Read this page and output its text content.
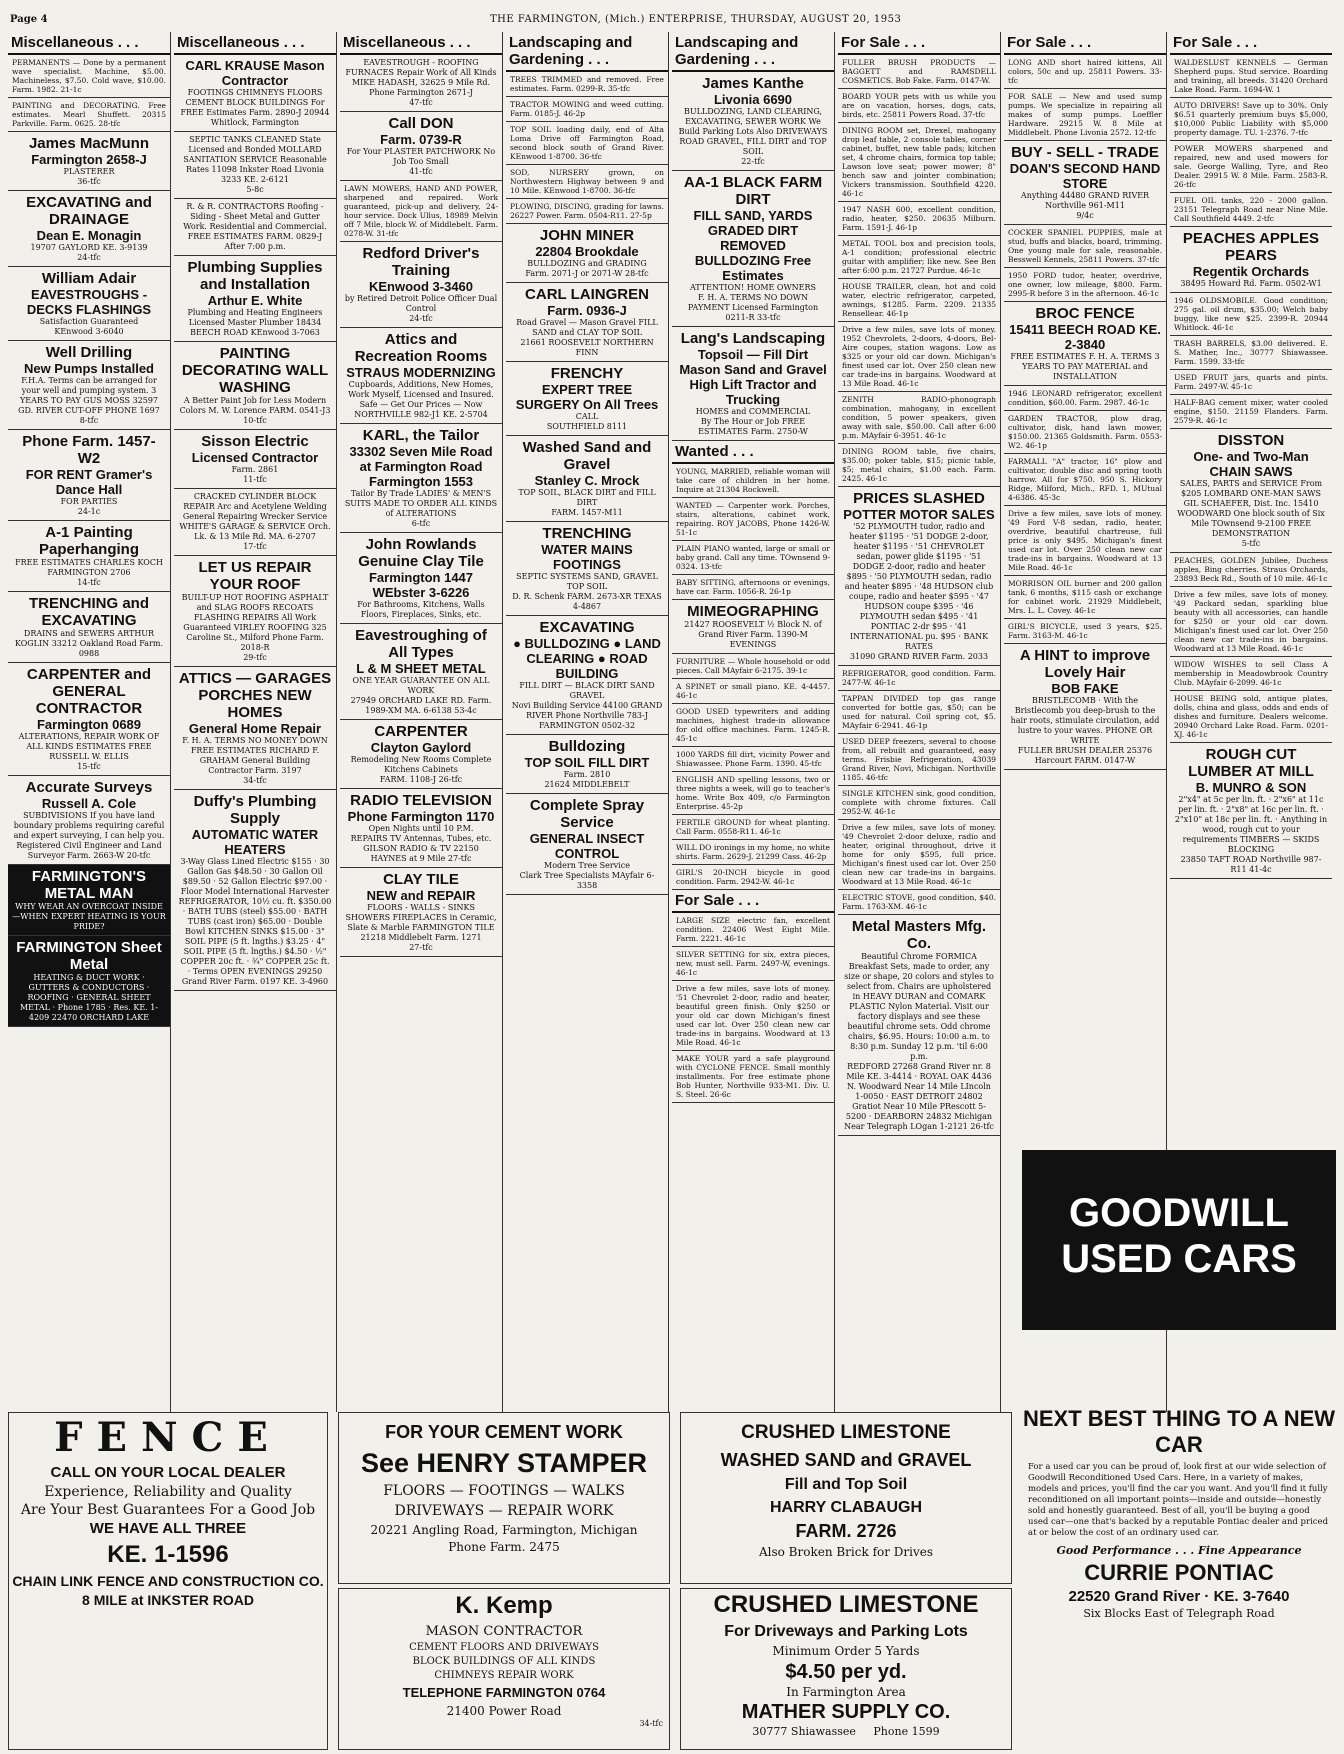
Page 4	THE FARMINGTON, (Mich.) ENTERPRISE, THURSDAY, AUGUST 20, 1953
Miscellaneous . . .
PERMANENTS — Done by a permanent wave specialist. Machine, $5.00. Machineless, $7.50. Cold wave, $10.00. Farm. 1982. 21-1c
PAINTING and DECORATING. Free estimates. Mearl Shuffett. 20315 Parkville. Farm. 0625. 28-tfc
James MacMunn
Farmington 2658-J
PLASTERER
36-tfc
EXCAVATING and DRAINAGE
Dean E. Monagin
19707 GAYLORD KE. 3-9139
24-tfc
William Adair
EAVESTROUGHS - DECKS FLASHINGS
Satisfaction Guaranteed
KEnwood 3-6040
Well Drilling
New Pumps Installed
F.H.A. Terms can be arranged for your well and pumping system. 3 YEARS TO PAY GUS MOSS 32597 GD. RIVER CUT-OFF PHONE 1697
8-tfc
Phone Farm. 1457-W2
FOR RENT Gramer's Dance Hall
FOR PARTIES
24-1c
A-1 Painting Paperhanging
FREE ESTIMATES CHARLES KOCH FARMINGTON 2706
14-tfc
TRENCHING and EXCAVATING
DRAINS and SEWERS ARTHUR KOGLIN 33212 Oakland Road Farm. 0988
CARPENTER and GENERAL CONTRACTOR
Farmington 0689
ALTERATIONS, REPAIR WORK OF ALL KINDS ESTIMATES FREE RUSSELL W. ELLIS
15-tfc
Accurate Surveys
Russell A. Cole
SUBDIVISIONS If you have land boundary problems requiring careful and expert surveying, I can help you.
Registered Civil Engineer and Land Surveyor Farm. 2663-W 20-tfc
FARMINGTON'S METAL MAN
WHY WEAR AN OVERCOAT INSIDE—WHEN EXPERT HEATING IS YOUR PRIDE?
FARMINGTON Sheet Metal
HEATING & DUCT WORK · GUTTERS & CONDUCTORS · ROOFING · GENERAL SHEET METAL · Phone 1785 · Res. KE. 1-4209 22470 ORCHARD LAKE
Miscellaneous . . .
CARL KRAUSE Mason Contractor
FOOTINGS CHIMNEYS FLOORS CEMENT BLOCK BUILDINGS For FREE Estimates Farm. 2890-J 20944 Whitlock, Farmington
SEPTIC TANKS CLEANED State Licensed and Bonded MOLLARD SANITATION SERVICE Reasonable Rates 11098 Inkster Road Livonia 3233 KE. 2-6121
5-8c
R. & R. CONTRACTORS Roofing - Siding - Sheet Metal and Gutter Work. Residential and Commercial. FREE ESTIMATES FARM. 0829-J After 7:00 p.m.
Plumbing Supplies and Installation
Arthur E. White
Plumbing and Heating Engineers
Licensed Master Plumber 18434 BEECH ROAD KEnwood 3-7063
PAINTING DECORATING WALL WASHING
A Better Paint Job for Less Modern Colors M. W. Lorence FARM. 0541-J3
10-tfc
Sisson Electric
Licensed Contractor
Farm. 2861
11-tfc
CRACKED CYLINDER BLOCK REPAIR Arc and Acetylene Welding General Repairing Wrecker Service WHITE'S GARAGE & SERVICE Orch. Lk. & 13 Mile Rd. MA. 6-2707
17-tfc
LET US REPAIR YOUR ROOF
BUILT-UP HOT ROOFING ASPHALT and SLAG ROOFS RECOATS FLASHING REPAIRS All Work Guaranteed VIRLEY ROOFING 325 Caroline St., Milford Phone Farm. 2018-R
29-tfc
ATTICS — GARAGES PORCHES NEW HOMES
General Home Repair
F. H. A. TERMS NO MONEY DOWN FREE ESTIMATES RICHARD F. GRAHAM General Building Contractor Farm. 3197
34-tfc
Duffy's Plumbing Supply
AUTOMATIC WATER HEATERS
3-Way Glass Lined Electric $155 · 30 Gallon Gas $48.50 · 30 Gallon Oil $89.50 · 52 Gallon Electric $97.00 · Floor Model International Harvester REFRIGERATOR, 10½ cu. ft. $350.00 · BATH TUBS (steel) $55.00 · BATH TUBS (cast iron) $65.00 · Double Bowl KITCHEN SINKS $15.00 · 3" SOIL PIPE (5 ft. lngths.) $3.25 · 4" SOIL PIPE (5 ft. lngths.) $4.50 · ½" COPPER 20c ft. · ¾" COPPER 25c ft. · Terms OPEN EVENINGS 29250 Grand River Farm. 0197 KE. 3-4960
Miscellaneous . . .
EAVESTROUGH - ROOFING FURNACES Repair Work of All Kinds MIKE HADASH, 32625 9 Mile Rd. Phone Farmington 2671-J
47-tfc
Call DON
Farm. 0739-R
For Your PLASTER PATCHWORK No Job Too Small
41-tfc
LAWN MOWERS, HAND AND POWER, sharpened and repaired. Work guaranteed, pick-up and delivery, 24-hour service. Dock Ullus, 18989 Melvin off 7 Mile, block W. of Middlebelt. Farm. 0278-W. 31-tfc
Redford Driver's Training
KEnwood 3-3460
by Retired Detroit Police Officer Dual Control
24-tfc
Attics and Recreation Rooms
STRAUS MODERNIZING
Cupboards, Additions, New Homes, Work Myself, Licensed and Insured. Safe — Get Our Prices — Now
NORTHVILLE 982-J1 KE. 2-5704
KARL, the Tailor
33302 Seven Mile Road at Farmington Road Farmington 1553
Tailor By Trade LADIES' & MEN'S SUITS MADE TO ORDER ALL KINDS of ALTERATIONS
6-tfc
John Rowlands Genuine Clay Tile
Farmington 1447 WEbster 3-6226
For Bathrooms, Kitchens, Walls Floors, Fireplaces, Sinks, etc.
Eavestroughing of All Types
L & M SHEET METAL
ONE YEAR GUARANTEE ON ALL WORK
27949 ORCHARD LAKE RD. Farm. 1989-XM MA. 6-6138 53-4c
CARPENTER
Clayton Gaylord
Remodeling New Rooms Complete Kitchens Cabinets
FARM. 1108-J 26-tfc
RADIO TELEVISION
Phone Farmington 1170
Open Nights until 10 P.M.
REPAIRS TV Antennas, Tubes, etc. GILSON RADIO & TV 22150 HAYNES at 9 Mile 27-tfc
CLAY TILE
NEW and REPAIR
FLOORS - WALLS - SINKS SHOWERS FIREPLACES in Ceramic, Slate & Marble FARMINGTON TILE 21218 Middlebelt Farm. 1271
27-tfc
Landscaping and Gardening . . .
TREES TRIMMED and removed. Free estimates. Farm. 0299-R. 35-tfc
TRACTOR MOWING and weed cutting. Farm. 0185-J. 46-2p
TOP SOIL loading daily, end of Alta Loma Drive off Farmington Road, second block south of Grand River. KEnwood 1-8700. 36-tfc
SOD, NURSERY grown, on Northwestern Highway between 9 and 10 Mile. KEnwood 1-8700. 36-tfc
PLOWING, DISCING, grading for lawns. 26227 Power. Farm. 0504-R11. 27-5p
JOHN MINER
22804 Brookdale
BULLDOZING and GRADING
Farm. 2071-J or 2071-W 28-tfc
CARL LAINGREN
Farm. 0936-J
Road Gravel — Mason Gravel FILL SAND and CLAY TOP SOIL
21661 ROOSEVELT NORTHERN FINN
FRENCHY
EXPERT TREE SURGERY On All Trees
CALL
SOUTHFIELD 8111
Washed Sand and Gravel
Stanley C. Mrock
TOP SOIL, BLACK DIRT and FILL DIRT
FARM. 1457-M11
TRENCHING
WATER MAINS FOOTINGS
SEPTIC SYSTEMS SAND, GRAVEL TOP SOIL
D. R. Schenk FARM. 2673-XR TEXAS 4-4867
EXCAVATING
● BULLDOZING ● LAND CLEARING ● ROAD BUILDING
FILL DIRT — BLACK DIRT SAND GRAVEL
Novi Building Service 44100 GRAND RIVER Phone Northville 783-J FARMINGTON 0502-32
Bulldozing
TOP SOIL FILL DIRT
Farm. 2810
21624 MIDDLEBELT
Complete Spray Service
GENERAL INSECT CONTROL
Modern Tree Service
Clark Tree Specialists MAyfair 6-3358
Landscaping and Gardening . . .
James Kanthe
Livonia 6690
BULLDOZING, LAND CLEARING, EXCAVATING, SEWER WORK We Build Parking Lots Also DRIVEWAYS ROAD GRAVEL, FILL DIRT and TOP SOIL
22-tfc
AA-1 BLACK FARM DIRT
FILL SAND, YARDS GRADED DIRT REMOVED BULLDOZING Free Estimates
ATTENTION! HOME OWNERS
F. H. A. TERMS NO DOWN PAYMENT Licensed Farmington 0211-R 33-tfc
Lang's Landscaping
Topsoil — Fill Dirt Mason Sand and Gravel High Lift Tractor and Trucking
HOMES and COMMERCIAL
By The Hour or Job FREE ESTIMATES Farm. 2750-W
Wanted . . .
YOUNG, MARRIED, reliable woman will take care of children in her home. Inquire at 21304 Rockwell.
WANTED — Carpenter work. Porches, stairs, alterations, cabinet work, repairing. ROY JACOBS, Phone 1426-W. 51-1c
PLAIN PIANO wanted, large or small or baby grand. Call any time. TOwnsend 9-0324. 13-tfc
BABY SITTING, afternoons or evenings, have car. Farm. 1056-R. 26-1p
MIMEOGRAPHING
21427 ROOSEVELT ½ Block N. of Grand River Farm. 1390-M EVENINGS
FURNITURE — Whole household or odd pieces. Call MAyfair 6-2175. 39-1c
A SPINET or small piano. KE. 4-4457. 46-1c
GOOD USED typewriters and adding machines, highest trade-in allowance for old office machines. Farm. 1245-R. 45-1c
1000 YARDS fill dirt, vicinity Power and Shiawassee. Phone Farm. 1390. 45-tfc
ENGLISH AND spelling lessons, two or three nights a week, will go to teacher's home. Write Box 409, c/o Farmington Enterprise. 45-2p
FERTILE GROUND for wheat planting. Call Farm. 0558-R11. 46-1c
WILL DO ironings in my home, no white shirts. Farm. 2629-J. 21299 Cass. 46-2p
GIRL'S 20-INCH bicycle in good condition. Farm. 2942-W. 46-1c
For Sale . . .
LARGE SIZE electric fan, excellent condition. 22406 West Eight Mile. Farm. 2221. 46-1c
SILVER SETTING for six, extra pieces, new, must sell. Farm. 2497-W, evenings. 46-1c
Drive a few miles, save lots of money. '51 Chevrolet 2-door, radio and heater, beautiful green finish. Only $250 or your old car down Michigan's finest used car lot. Over 250 clean new car trade-ins in bargains. Woodward at 13 Mile Road. 46-1c
MAKE YOUR yard a safe playground with CYCLONE FENCE. Small monthly installments. For free estimate phone Bob Hunter, Northville 933-M1. Div. U. S. Steel. 26-6c
For Sale . . .
FULLER BRUSH PRODUCTS — BAGGETT and RAMSDELL COSMETICS. Bob Fake. Farm. 0147-W.
BOARD YOUR pets with us while you are on vacation, horses, dogs, cats, birds, etc. 25811 Powers Road. 37-tfc
DINING ROOM set, Drexel, mahogany drop leaf table, 2 console tables, corner cabinet, buffet, new table pads; kitchen set, 4 chrome chairs, formica top table; Lawson love seat; power mower; 8" bench saw and jointer combination; Vickers transmission. Southfield 4220. 46-1c
1947 NASH 600, excellent condition, radio, heater, $250. 20635 Milburn. Farm. 1591-J. 46-1p
METAL TOOL box and precision tools, A-1 condition; professional electric guitar with amplifier; like new. See Ben after 6:00 p.m. 21727 Purdue. 46-1c
HOUSE TRAILER, clean, hot and cold water, electric refrigerator, carpeted, awnings, $1285. Farm. 2209. 21335 Rensellear. 46-1p
Drive a few miles, save lots of money. 1952 Chevrolets, 2-doors, 4-doors, Bel-Aire coupes, station wagons. Low as $325 or your old car down. Michigan's finest used car lot. Over 250 clean new car trade-ins in bargains. Woodward at 13 Mile Road. 46-1c
ZENITH RADIO-phonograph combination, mahogany, in excellent condition, 5 power speakers, given away with sale, $50.00. Call after 6:00 p.m. MAyfair 6-3951. 46-1c
DINING ROOM table, five chairs, $35.00; poker table, $15; picnic table, $5; metal chairs, $1.00 each. Farm. 2425. 46-1c
PRICES SLASHED
POTTER MOTOR SALES
'52 PLYMOUTH tudor, radio and heater $1195 · '51 DODGE 2-door, heater $1195 · '51 CHEVROLET sedan, power glide $1195 · '51 DODGE 2-door, radio and heater $895 · '50 PLYMOUTH sedan, radio and heater $895 · '48 HUDSON club coupe, radio and heater $595 · '47 HUDSON coupe $395 · '46 PLYMOUTH sedan $495 · '41 PONTIAC 2-dr $95 · '41 INTERNATIONAL pu. $95 · BANK RATES
31090 GRAND RIVER Farm. 2033
REFRIGERATOR, good condition. Farm. 2477-W. 46-1c
TAPPAN DIVIDED top gas range converted for bottle gas, $50; can be used for natural. Coil spring cot, $5. MAyfair 6-2941. 46-1p
USED DEEP freezers, several to choose from, all rebuilt and guaranteed, easy terms. Frisbie Refrigeration, 43039 Grand River, Novi, Michigan. Northville 1185. 46-tfc
SINGLE KITCHEN sink, good condition, complete with chrome fixtures. Call 2952-W. 46-1c
Drive a few miles, save lots of money. '49 Chevrolet 2-door deluxe, radio and heater, original throughout, drive it home for only $595, full price. Michigan's finest used car lot. Over 250 clean new car trade-ins in bargains. Woodward at 13 Mile Road. 46-1c
ELECTRIC STOVE, good condition, $40. Farm. 1763-XM. 46-1c
Metal Masters Mfg. Co.
Beautiful Chrome FORMICA Breakfast Sets, made to order, any size or shape, 20 colors and styles to select from. Chairs are upholstered in HEAVY DURAN and COMARK PLASTIC Nylon Material. Visit our factory displays and see these beautiful chrome sets. Odd chrome chairs, $6.95. Hours: 10:00 a.m. to 8:30 p.m. Sunday 12 p.m. 'til 6:00 p.m.
REDFORD 27268 Grand River nr. 8 Mile KE. 3-4414 · ROYAL OAK 4436 N. Woodward Near 14 Mile LIncoln 1-0050 · EAST DETROIT 24802 Gratiot Near 10 Mile PRescott 5-5200 · DEARBORN 24832 Michigan Near Telegraph LOgan 1-2121 26-tfc
For Sale . . .
LONG AND short haired kittens, All colors, 50c and up. 25811 Powers. 33-tfc
FOR SALE — New and used sump pumps. We specialize in repairing all makes of sump pumps. Loeffler Hardware. 29215 W. 8 Mile at Middlebelt. Phone Livonia 2572. 12-tfc
BUY - SELL - TRADE
DOAN'S SECOND HAND STORE
Anything 44480 GRAND RIVER Northville 961-M11
9/4c
COCKER SPANIEL PUPPIES, male at stud, buffs and blacks, board, trimming. One young male for sale, reasonable. Besswell Kennels, 25811 Powers. 37-tfc
1950 FORD tudor, heater, overdrive, one owner, low mileage, $800. Farm. 2995-R before 3 in the afternoon. 46-1c
BROC FENCE
15411 BEECH ROAD KE. 2-3840
FREE ESTIMATES F. H. A. TERMS 3 YEARS TO PAY MATERIAL and INSTALLATION
1946 LEONARD refrigerator, excellent condition, $60.00. Farm. 2987. 46-1c
GARDEN TRACTOR, plow drag, cultivator, disk, hand lawn mower, $150.00. 21365 Goldsmith. Farm. 0553-W2. 46-1p
FARMALL "A" tractor, 16" plow and cultivator, double disc and spring tooth harrow. All for $750. 950 S. Hickory Ridge, Milford, Mich., RFD. 1, MUtual 4-6386. 45-3c
Drive a few miles, save lots of money. '49 Ford V-8 sedan, radio, heater, overdrive, beautiful chartreuse, full price is only $495. Michigan's finest used car lot. Over 250 clean new car trade-ins in bargains. Woodward at 13 Mile Road. 46-1c
MORRISON OIL burner and 200 gallon tank, 6 months, $115 cash or exchange for cabinet work. 21929 Middlebelt, Mrs. L. L. Covey. 46-1c
GIRL'S BICYCLE, used 3 years, $25. Farm. 3163-M. 46-1c
A HINT to improve Lovely Hair
BOB FAKE
BRISTLECOMB · With the Bristlecomb you deep-brush to the hair roots, stimulate circulation, add lustre to your waves. PHONE OR WRITE
FULLER BRUSH DEALER 25376 Harcourt FARM. 0147-W
For Sale . . .
WALDESLUST KENNELS — German Shepherd pups. Stud service. Boarding and training, all breeds. 31420 Orchard Lake Road. Farm. 1694-W. 1
AUTO DRIVERS! Save up to 30%. Only $6.51 quarterly premium buys $5,000, $10,000 Public Liability with $5,000 property damage. TU. 1-2376. 7-tfc
POWER MOWERS sharpened and repaired, new and used mowers for sale. George Walling, Tyre, and Reo Dealer. 29915 W. 8 Mile. Farm. 2583-R. 26-tfc
FUEL OIL tanks, 220 - 2000 gallon. 23151 Telegraph Road near Nine Mile. Call Southfield 4449. 2-tfc
PEACHES APPLES PEARS
Regentik Orchards
38495 Howard Rd. Farm. 0502-W1
1946 OLDSMOBILE. Good condition; 275 gal. oil drum, $35.00; Welch baby buggy, like new $25. 2399-R. 20944 Whitlock. 46-1c
TRASH BARRELS, $3.00 delivered. E. S. Mather, Inc., 30777 Shiawassee. Farm. 1599. 33-tfc
USED FRUIT jars, quarts and pints. Farm. 2497-W. 45-1c
HALF-BAG cement mixer, water cooled engine, $150. 21159 Flanders. Farm. 2579-R. 46-1c
DISSTON
One- and Two-Man CHAIN SAWS
SALES, PARTS and SERVICE From $205 LOMBARD ONE-MAN SAWS GIL SCHAEFER, Dist. Inc. 15410 WOODWARD One block south of Six Mile TOwnsend 9-2100 FREE DEMONSTRATION
5-tfc
PEACHES, GOLDEN Jubilee, Duchess apples, Bing cherries. Straus Orchards, 23893 Beck Rd., South of 10 mile. 46-1c
Drive a few miles, save lots of money. '49 Packard sedan, sparkling blue beauty with all accessories, can handle for $250 or your old car down. Michigan's finest used car lot. Over 250 clean new car trade-ins in bargains. Woodward at 13 Mile Road. 46-1c
WIDOW WISHES to sell Class A membership in Meadowbrook Country Club. MAyfair 6-2099. 46-1c
HOUSE BEING sold, antique plates, dolls, china and glass, odds and ends of dishes and furniture. Dealers welcome. 20940 Orchard Lake Road. Farm. 0201-XJ. 46-1c
ROUGH CUT LUMBER AT MILL
B. MUNRO & SON
2"x4" at 5c per lin. ft. · 2"x6" at 11c per lin. ft. · 2"x8" at 16c per lin. ft. · 2"x10" at 18c per lin. ft. · Anything in wood, rough cut to your requirements TIMBERS — SKIDS BLOCKING
23850 TAFT ROAD Northville 987-R11 41-4c
FENCE
CALL ON YOUR LOCAL DEALER
Experience, Reliability and Quality
Are Your Best Guarantees For a Good Job
WE HAVE ALL THREE
KE. 1-1596
CHAIN LINK FENCE AND CONSTRUCTION CO.
8 MILE at INKSTER ROAD
FOR YOUR CEMENT WORK
See HENRY STAMPER
FLOORS — FOOTINGS — WALKS
DRIVEWAYS — REPAIR WORK
20221 Angling Road, Farmington, Michigan
Phone Farm. 2475
K. Kemp
MASON CONTRACTOR
CEMENT FLOORS AND DRIVEWAYS
BLOCK BUILDINGS OF ALL KINDS
CHIMNEYS REPAIR WORK
TELEPHONE FARMINGTON 0764
21400 Power Road
34-tfc
CRUSHED LIMESTONE
WASHED SAND and GRAVEL
Fill and Top Soil
HARRY CLABAUGH
FARM. 2726
Also Broken Brick for Drives
CRUSHED LIMESTONE
For Driveways and Parking Lots
Minimum Order 5 Yards
$4.50 per yd.
In Farmington Area
MATHER SUPPLY CO.
30777 Shiawassee Phone 1599
NEXT BEST THING TO A NEW CAR
For a used car you can be proud of, look first at our wide selection of Goodwill Reconditioned Used Cars. Here, in a variety of makes, models and prices, you'll find the car you want. And you'll find it fully reconditioned on all important points—inside and outside—honestly sold and honestly guaranteed. Best of all, you'll be buying a good used car—one that's backed by a reputable Pontiac dealer and priced at or below the cost of an ordinary used car.
Good Performance . . . Fine Appearance
CURRIE PONTIAC
22520 Grand River · KE. 3-7640
Six Blocks East of Telegraph Road
GOODWILL USED CARS
